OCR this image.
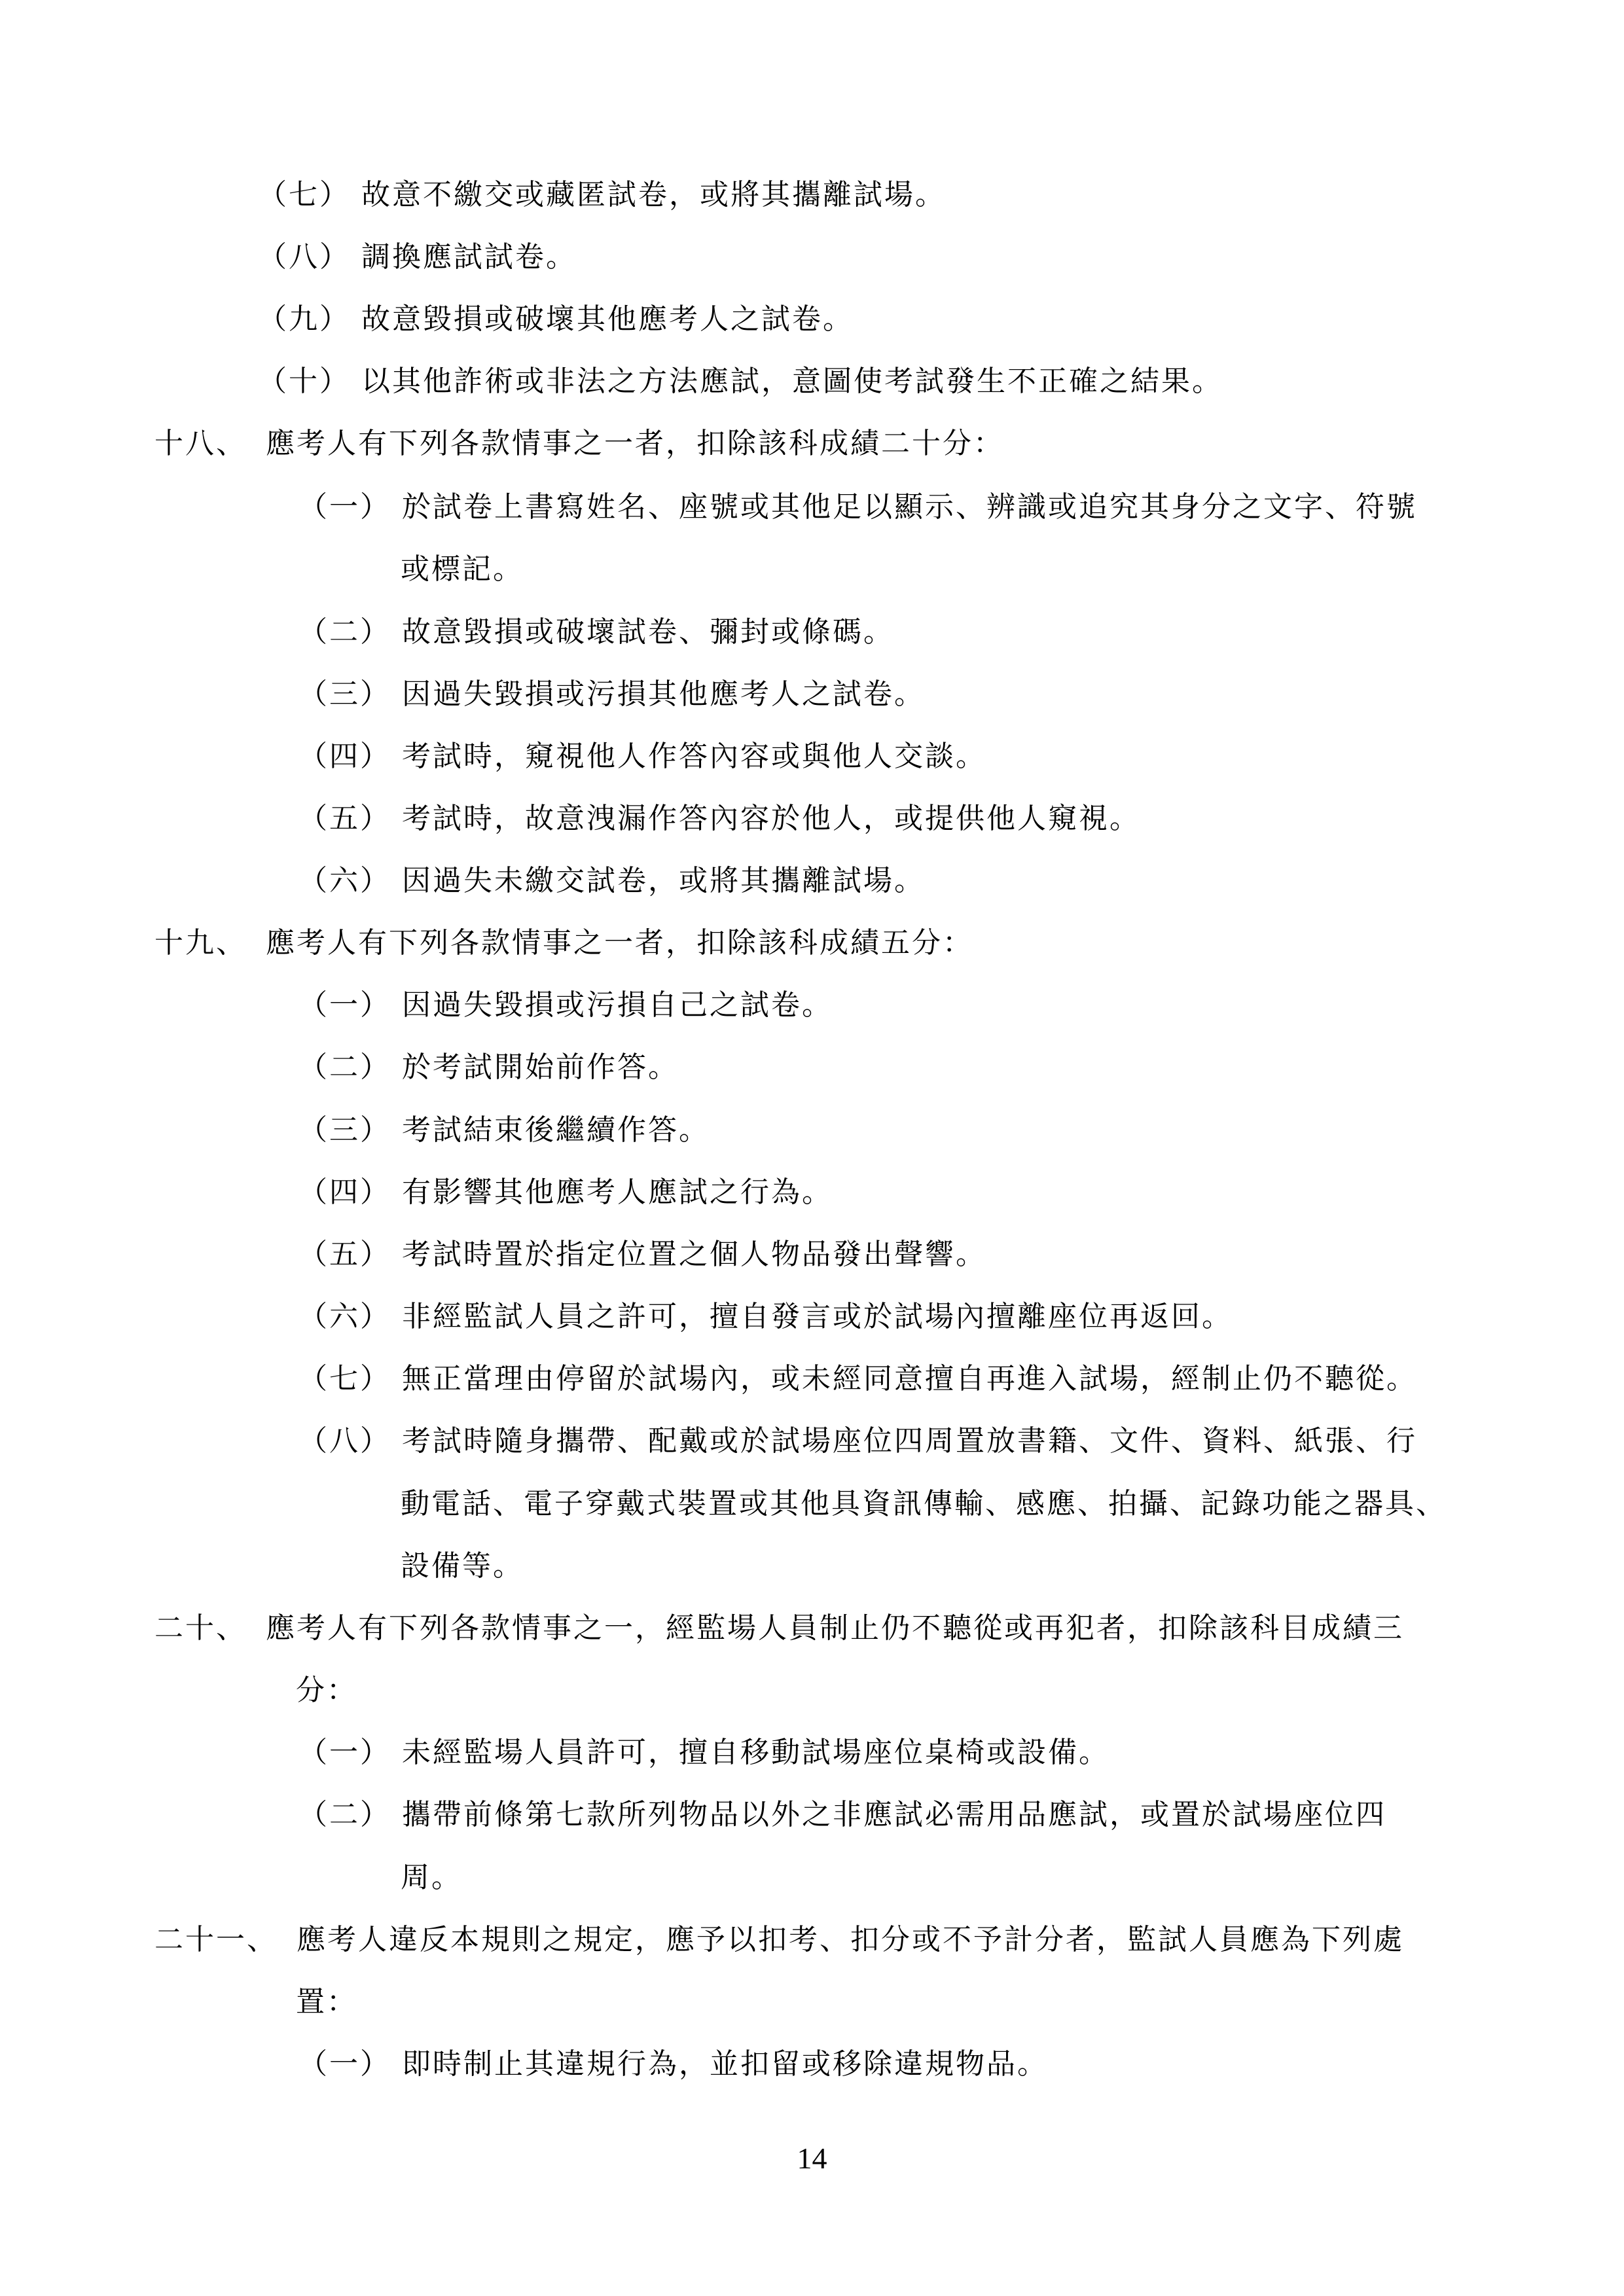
（七） 故意不繳交或藏匿試卷，或將其攜離試場。
（八） 調換應試試卷。
（九） 故意毀損或破壞其他應考人之試卷。
（十） 以其他詐術或非法之方法應試，意圖使考試發生不正確之結果。
十八、 應考人有下列各款情事之一者，扣除該科成績二十分：
（一） 於試卷上書寫姓名、座號或其他足以顯示、辨識或追究其身分之文字、符號
或標記。
（二） 故意毀損或破壞試卷、彌封或條碼。
（三） 因過失毀損或污損其他應考人之試卷。
（四） 考試時，窺視他人作答內容或與他人交談。
（五） 考試時，故意洩漏作答內容於他人，或提供他人窺視。
（六） 因過失未繳交試卷，或將其攜離試場。
十九、 應考人有下列各款情事之一者，扣除該科成績五分：
（一） 因過失毀損或污損自己之試卷。
（二） 於考試開始前作答。
（三） 考試結束後繼續作答。
（四） 有影響其他應考人應試之行為。
（五） 考試時置於指定位置之個人物品發出聲響。
（六） 非經監試人員之許可，擅自發言或於試場內擅離座位再返回。
（七） 無正當理由停留於試場內，或未經同意擅自再進入試場，經制止仍不聽從。
（八） 考試時隨身攜帶、配戴或於試場座位四周置放書籍、文件、資料、紙張、行
動電話、電子穿戴式裝置或其他具資訊傳輸、感應、拍攝、記錄功能之器具、
設備等。
二十、 應考人有下列各款情事之一，經監場人員制止仍不聽從或再犯者，扣除該科目成績三
分：
（一） 未經監場人員許可，擅自移動試場座位桌椅或設備。
（二） 攜帶前條第七款所列物品以外之非應試必需用品應試，或置於試場座位四
周。
二十一、 應考人違反本規則之規定，應予以扣考、扣分或不予計分者，監試人員應為下列處
置：
（一） 即時制止其違規行為，並扣留或移除違規物品。
14
